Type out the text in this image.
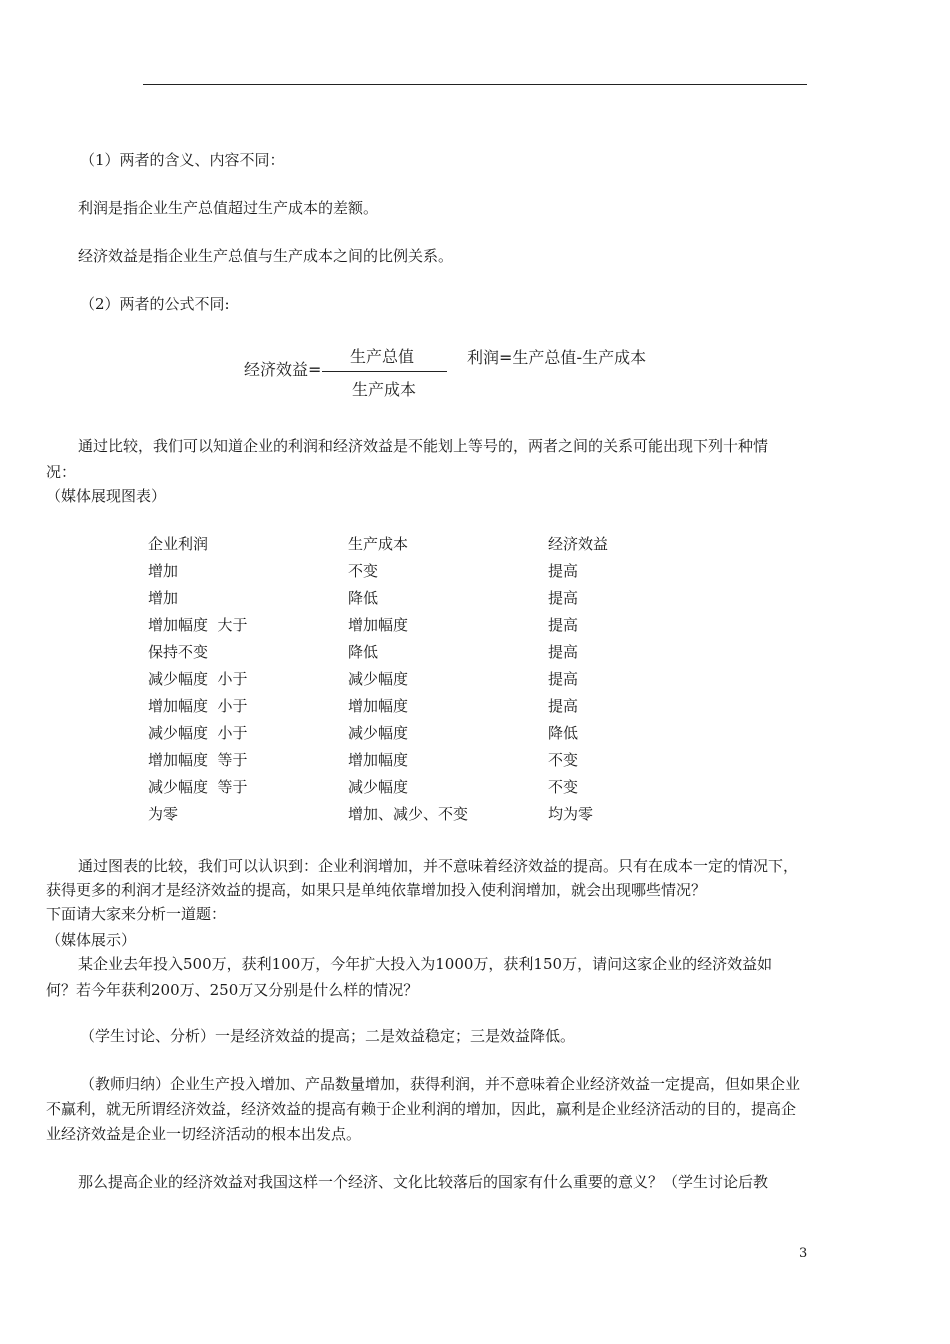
（1）两者的含义、内容不同：
利润是指企业生产总值超过生产成本的差额。
经济效益是指企业生产总值与生产成本之间的比例关系。
（2）两者的公式不同:
经济效益=
生产总值
生产成本
利润=生产总值-生产成本
通过比较，我们可以知道企业的利润和经济效益是不能划上等号的，两者之间的关系可能出现下列十种情
况：
（媒体展现图表）
企业利润	生产成本	经济效益
增加	不变	提高
增加	降低	提高
增加幅度  大于	增加幅度	提高
保持不变	降低	提高
减少幅度  小于	减少幅度	提高
增加幅度  小于	增加幅度	提高
减少幅度  小于	减少幅度	降低
增加幅度  等于	增加幅度	不变
减少幅度  等于	减少幅度	不变
为零	增加、减少、不变	均为零
通过图表的比较，我们可以认识到：企业利润增加，并不意味着经济效益的提高。只有在成本一定的情况下，
获得更多的利润才是经济效益的提高，如果只是单纯依靠增加投入使利润增加，就会出现哪些情况？
下面请大家来分析一道题：
（媒体展示）
某企业去年投入500万，获利100万，今年扩大投入为1000万，获利150万，请问这家企业的经济效益如
何？若今年获利200万、250万又分别是什么样的情况？
（学生讨论、分析）一是经济效益的提高；二是效益稳定；三是效益降低。
（教师归纳）企业生产投入增加、产品数量增加，获得利润，并不意味着企业经济效益一定提高，但如果企业
不赢利，就无所谓经济效益，经济效益的提高有赖于企业利润的增加，因此，赢利是企业经济活动的目的，提高企
业经济效益是企业一切经济活动的根本出发点。
那么提高企业的经济效益对我国这样一个经济、文化比较落后的国家有什么重要的意义？（学生讨论后教
3
